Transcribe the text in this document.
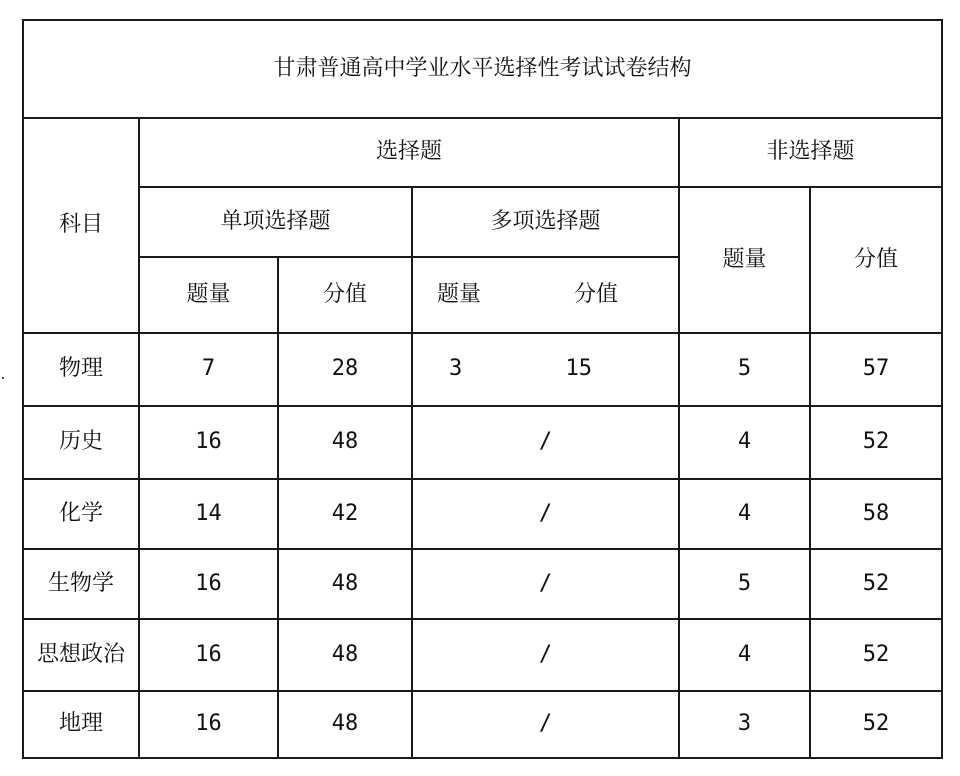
甘肃普通高中学业水平选择性考试试卷结构					
科目	选择题			非选择题	
	单项选择题		多项选择题	题量	分值
	题量	分值	题量 分值		

物理	7	28	3 15	5	57
历史	16	48	/	4	52
化学	14	42	/	4	58
生物学	16	48	/	5	52
思想政治	16	48	/	4	52
地理	16	48	/	3	52
